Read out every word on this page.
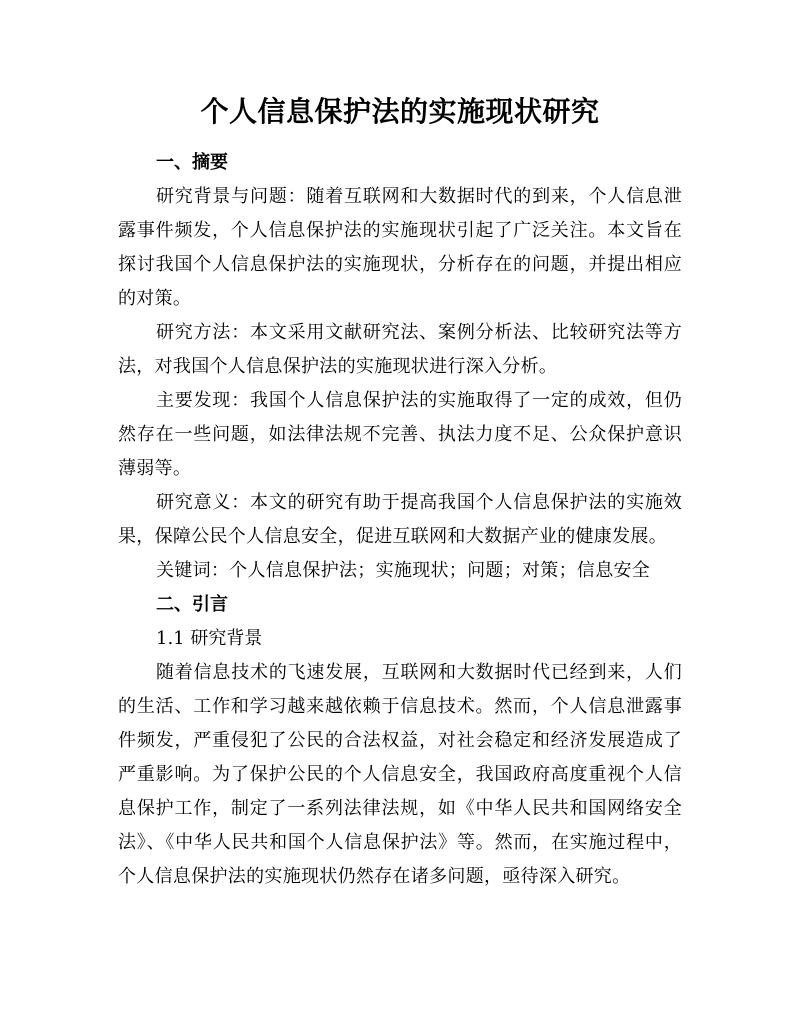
个人信息保护法的实施现状研究
一、摘要

研究背景与问题：随着互联网和大数据时代的到来，个人信息泄露事件频发，个人信息保护法的实施现状引起了广泛关注。本文旨在探讨我国个人信息保护法的实施现状，分析存在的问题，并提出相应的对策。

研究方法：本文采用文献研究法、案例分析法、比较研究法等方法，对我国个人信息保护法的实施现状进行深入分析。

主要发现：我国个人信息保护法的实施取得了一定的成效，但仍然存在一些问题，如法律法规不完善、执法力度不足、公众保护意识薄弱等。

研究意义：本文的研究有助于提高我国个人信息保护法的实施效果，保障公民个人信息安全，促进互联网和大数据产业的健康发展。

关键词：个人信息保护法；实施现状；问题；对策；信息安全

二、引言

1.1 研究背景

随着信息技术的飞速发展，互联网和大数据时代已经到来，人们的生活、工作和学习越来越依赖于信息技术。然而，个人信息泄露事件频发，严重侵犯了公民的合法权益，对社会稳定和经济发展造成了严重影响。为了保护公民的个人信息安全，我国政府高度重视个人信息保护工作，制定了一系列法律法规，如《中华人民共和国网络安全法》、《中华人民共和国个人信息保护法》等。然而，在实施过程中，个人信息保护法的实施现状仍然存在诸多问题，亟待深入研究。
